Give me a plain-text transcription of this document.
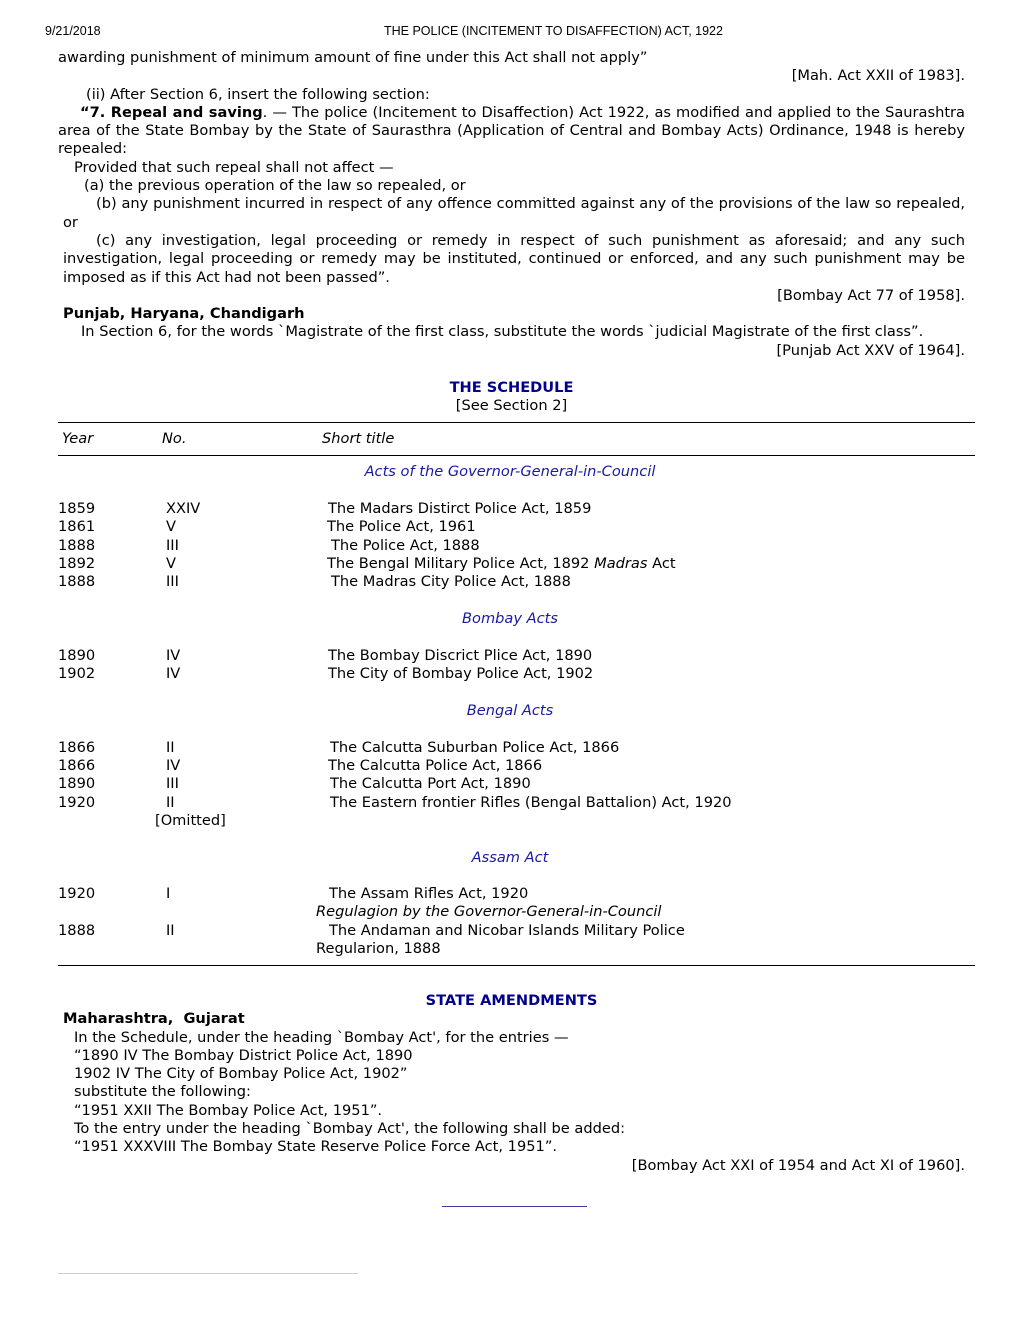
9/21/2018	THE POLICE (INCITEMENT TO DISAFFECTION) ACT, 1922
awarding punishment of minimum amount of fine under this Act shall not apply”
[Mah. Act XXII of 1983].
(ii) After Section 6, insert the following section:
“7. Repeal and saving. — The police (Incitement to Disaffection) Act 1922, as modified and applied to the Saurashtra area of the State Bombay by the State of Saurasthra (Application of Central and Bombay Acts) Ordinance, 1948 is hereby repealed:
Provided that such repeal shall not affect —
(a) the previous operation of the law so repealed, or
(b) any punishment incurred in respect of any offence committed against any of the provisions of the law so repealed, or
(c) any investigation, legal proceeding or remedy in respect of such punishment as aforesaid; and any such investigation, legal proceeding or remedy may be instituted, continued or enforced, and any such punishment may be imposed as if this Act had not been passed”.
[Bombay Act 77 of 1958].
Punjab, Haryana, Chandigarh
In Section 6, for the words `Magistrate of the first class, substitute the words `judicial Magistrate of the first class”.
[Punjab Act XXV of 1964].
THE SCHEDULE
[See Section 2]
Year	No.	Short title
Acts of the Governor-General-in-Council
1859	XXIV	The Madars Distirct Police Act, 1859
1861	V	The Police Act, 1961
1888	III	The Police Act, 1888
1892	V	The Bengal Military Police Act, 1892 Madras Act
1888	III	The Madras City Police Act, 1888
Bombay Acts
1890	IV	The Bombay Discrict Plice Act, 1890
1902	IV	The City of Bombay Police Act, 1902
Bengal Acts
1866	II	The Calcutta Suburban Police Act, 1866
1866	IV	The Calcutta Police Act, 1866
1890	III	The Calcutta Port Act, 1890
1920	II	The Eastern frontier Rifles (Bengal Battalion) Act, 1920
Assam Act
1920	I	The Assam Rifles Act, 1920
1888	II	The Andaman and Nicobar Islands Military Police
[Omitted]
Regulagion by the Governor-General-in-Council
Regularion, 1888
STATE AMENDMENTS
Maharashtra,  Gujarat
In the Schedule, under the heading `Bombay Act', for the entries —
“1890 IV The Bombay District Police Act, 1890
1902 IV The City of Bombay Police Act, 1902”
substitute the following:
“1951 XXII The Bombay Police Act, 1951”.
To the entry under the heading `Bombay Act', the following shall be added:
“1951 XXXVIII The Bombay State Reserve Police Force Act, 1951”.
[Bombay Act XXI of 1954 and Act XI of 1960].
